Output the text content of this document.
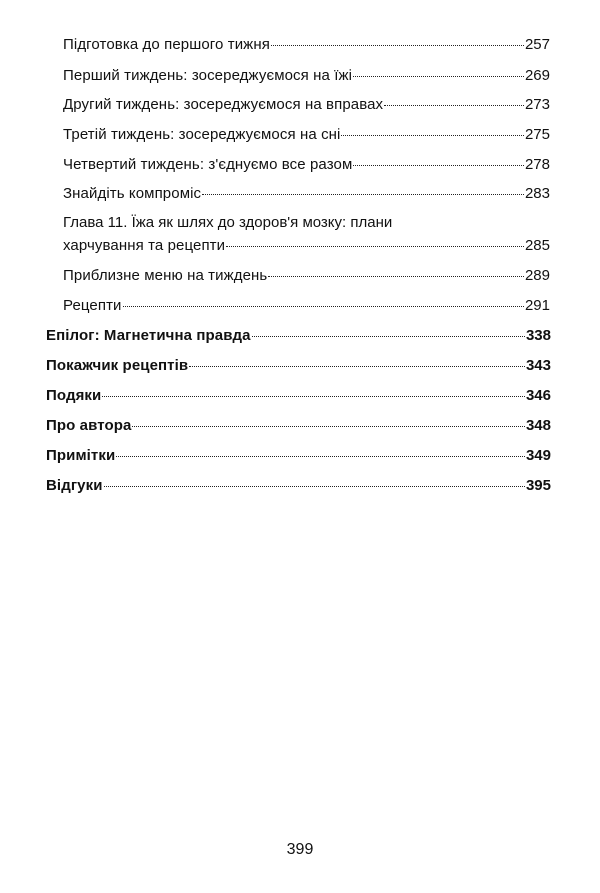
Підготовка до першого тижня	257
Перший тиждень: зосереджуємося на їжі	269
Другий тиждень: зосереджуємося на вправах	273
Третій тиждень: зосереджуємося на сні	275
Четвертий тиждень: з'єднуємо все разом	278
Знайдіть компроміс	283
Глава 11. Їжа як шлях до здоров'я мозку: плани
харчування та рецепти	285
Приблизне меню на тиждень	289
Рецепти	291
Епілог: Магнетична правда	338
Покажчик рецептів	343
Подяки	346
Про автора	348
Примітки	349
Відгуки	395
399
